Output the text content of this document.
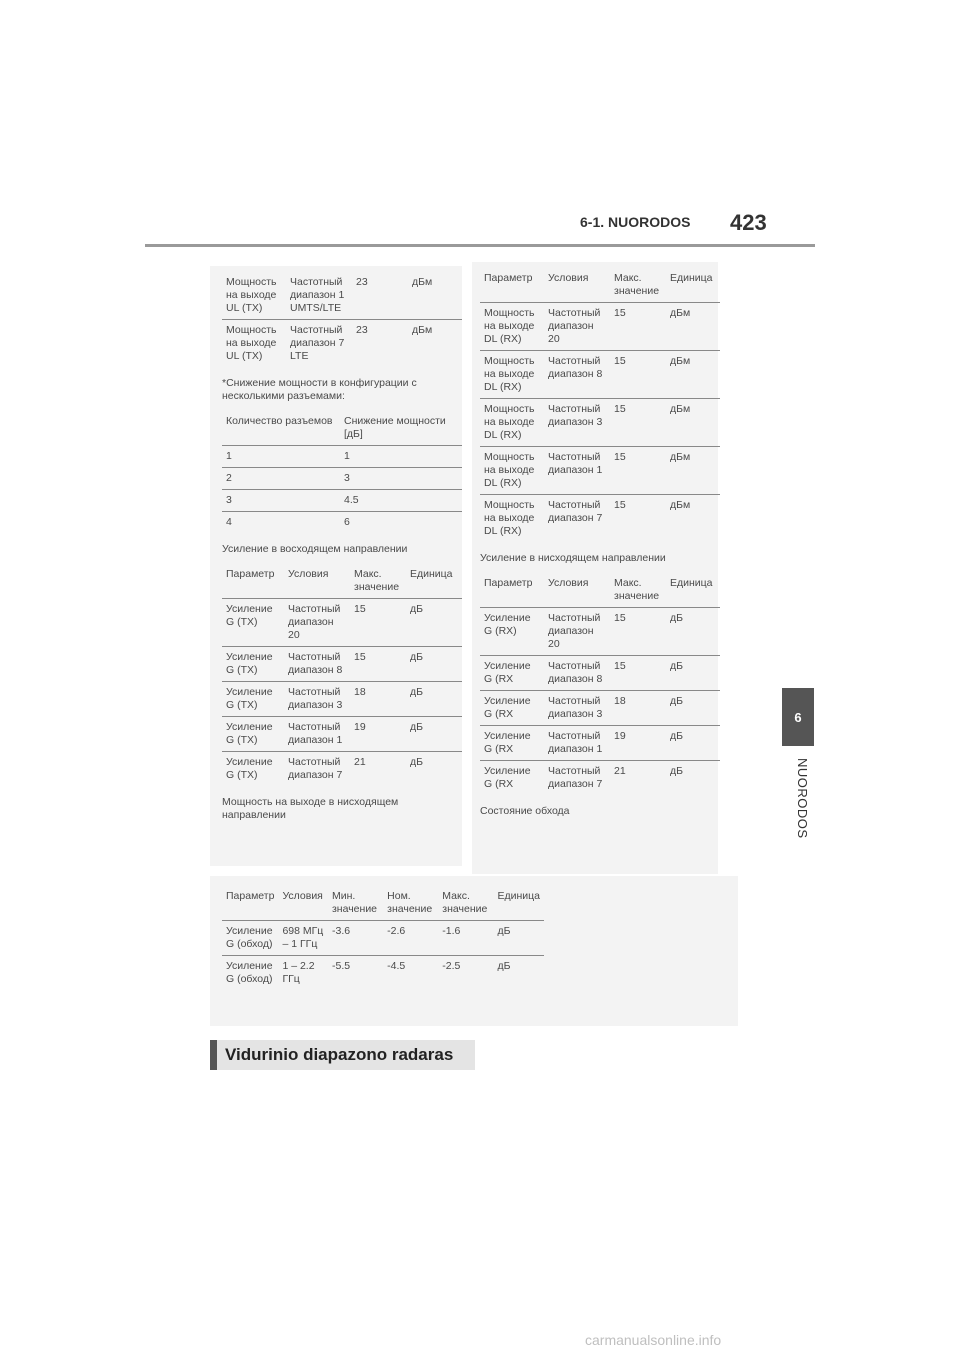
6-1. NUORODOS 423
6
NUORODOS
Мощность на выходе UL (TX)	Частотный диапазон 1 UMTS/LTE	23	дБм
Мощность на выходе UL (TX)	Частотный диапазон 7 LTE	23	дБм
*Снижение мощности в конфигурации с несколькими разъемами:
Количество разъемов	Снижение мощности [дБ]
1	1
2	3
3	4.5
4	6
Усиление в восходящем направлении
Параметр	Условия	Макс. значение	Единица
Усиление G (TX)	Частотный диапазон 20	15	дБ
Усиление G (TX)	Частотный диапазон 8	15	дБ
Усиление G (TX)	Частотный диапазон 3	18	дБ
Усиление G (TX)	Частотный диапазон 1	19	дБ
Усиление G (TX)	Частотный диапазон 7	21	дБ
Мощность на выходе в нисходящем направлении
Параметр	Условия	Макс. значение	Единица
Мощность на выходе DL (RX)	Частотный диапазон 20	15	дБм
Мощность на выходе DL (RX)	Частотный диапазон 8	15	дБм
Мощность на выходе DL (RX)	Частотный диапазон 3	15	дБм
Мощность на выходе DL (RX)	Частотный диапазон 1	15	дБм
Мощность на выходе DL (RX)	Частотный диапазон 7	15	дБм
Усиление в нисходящем направлении
Параметр	Условия	Макс. значение	Единица
Усиление G (RX)	Частотный диапазон 20	15	дБ
Усиление G (RX	Частотный диапазон 8	15	дБ
Усиление G (RX	Частотный диапазон 3	18	дБ
Усиление G (RX	Частотный диапазон 1	19	дБ
Усиление G (RX	Частотный диапазон 7	21	дБ
Состояние обхода
Параметр	Условия	Мин. значение	Ном. значение	Макс. значение	Единица
Усиление G (обход)	698 МГц – 1 ГГц	-3.6	-2.6	-1.6	дБ
Усиление G (обход)	1 – 2.2 ГГц	-5.5	-4.5	-2.5	дБ
Vidurinio diapazono radaras
carmanualsonline.info
